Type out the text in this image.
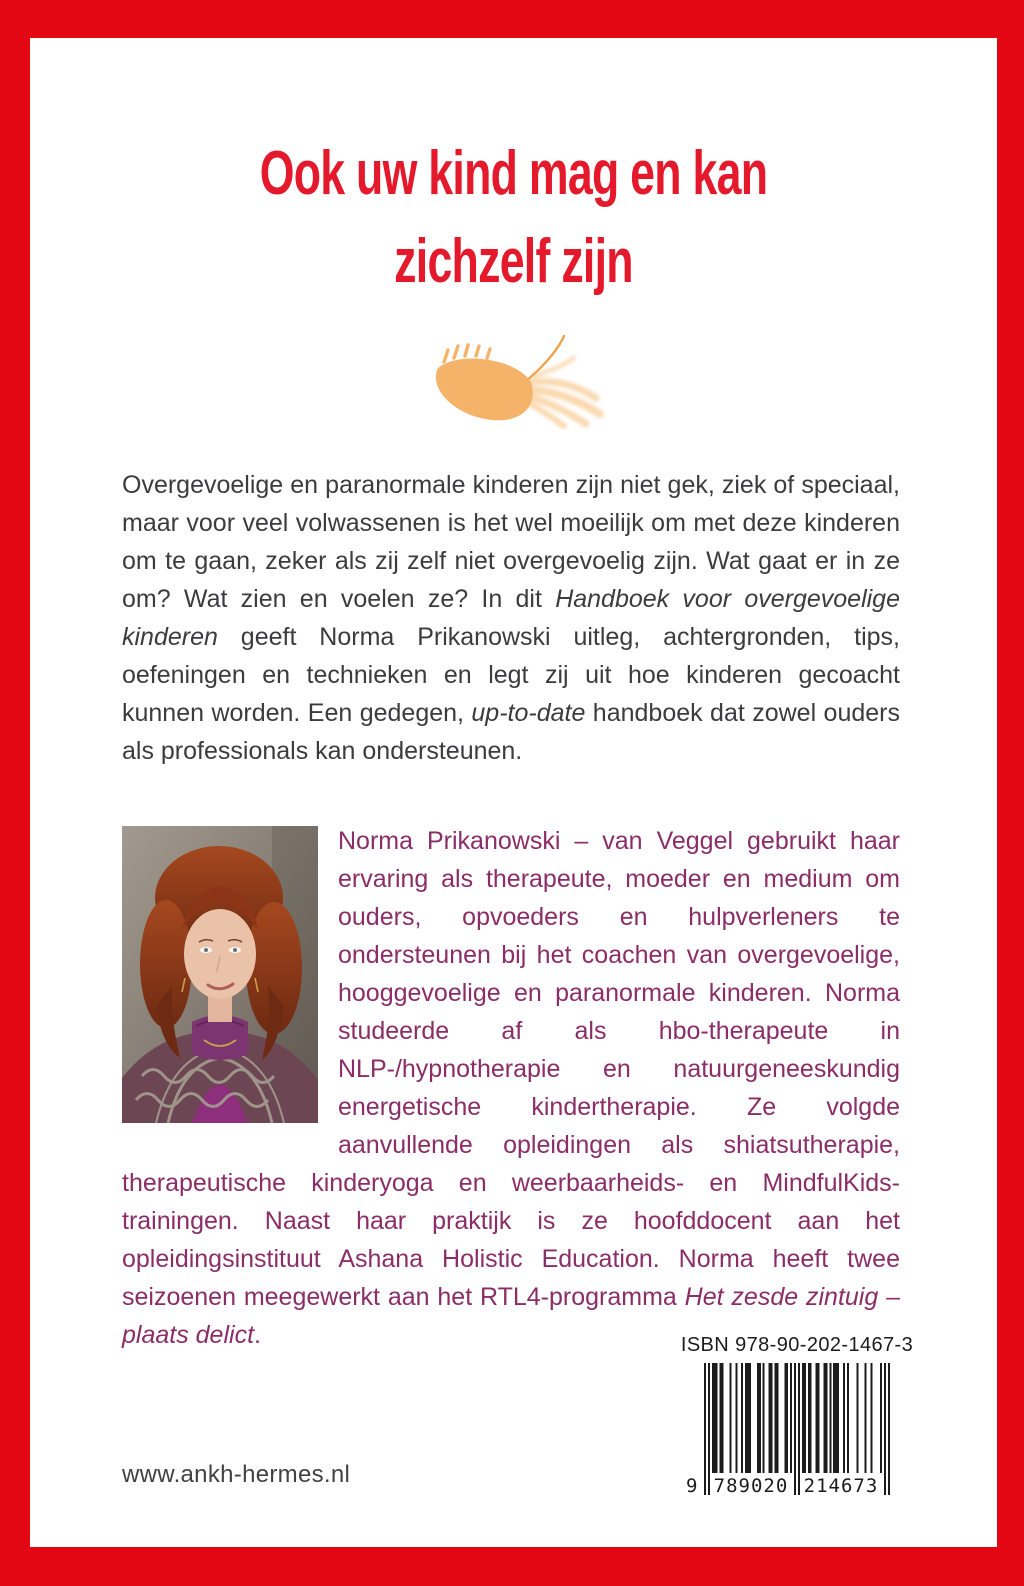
Ook uw kind mag en kan
zichzelf zijn

Overgevoelige en paranormale kinderen zijn niet gek, ziek of speciaal, maar voor veel volwassenen is het wel moeilijk om met deze kinderen om te gaan, zeker als zij zelf niet overgevoelig zijn. Wat gaat er in ze om? Wat zien en voelen ze? In dit Handboek voor overgevoelige kinderen geeft Norma Prikanowski uitleg, achtergronden, tips, oefeningen en technieken en legt zij uit hoe kinderen gecoacht kunnen worden. Een gedegen, up-to-date handboek dat zowel ouders als professionals kan ondersteunen.

Norma Prikanowski – van Veggel gebruikt haar ervaring als therapeute, moeder en medium om ouders, opvoeders en hulpverleners te ondersteunen bij het coachen van overgevoelige, hooggevoelige en paranormale kinderen. Norma studeerde af als hbo-therapeute in NLP-/hypnotherapie en natuurgeneeskundig energetische kindertherapie. Ze volgde aanvullende opleidingen als shiatsutherapie, therapeutische kinderyoga en weerbaarheids- en MindfulKids-trainingen. Naast haar praktijk is ze hoofddocent aan het opleidingsinstituut Ashana Holistic Education. Norma heeft twee seizoenen meegewerkt aan het RTL4-programma Het zesde zintuig – plaats delict.
www.ankh-hermes.nl
ISBN 978-90-202-1467-3
9 789020 214673
